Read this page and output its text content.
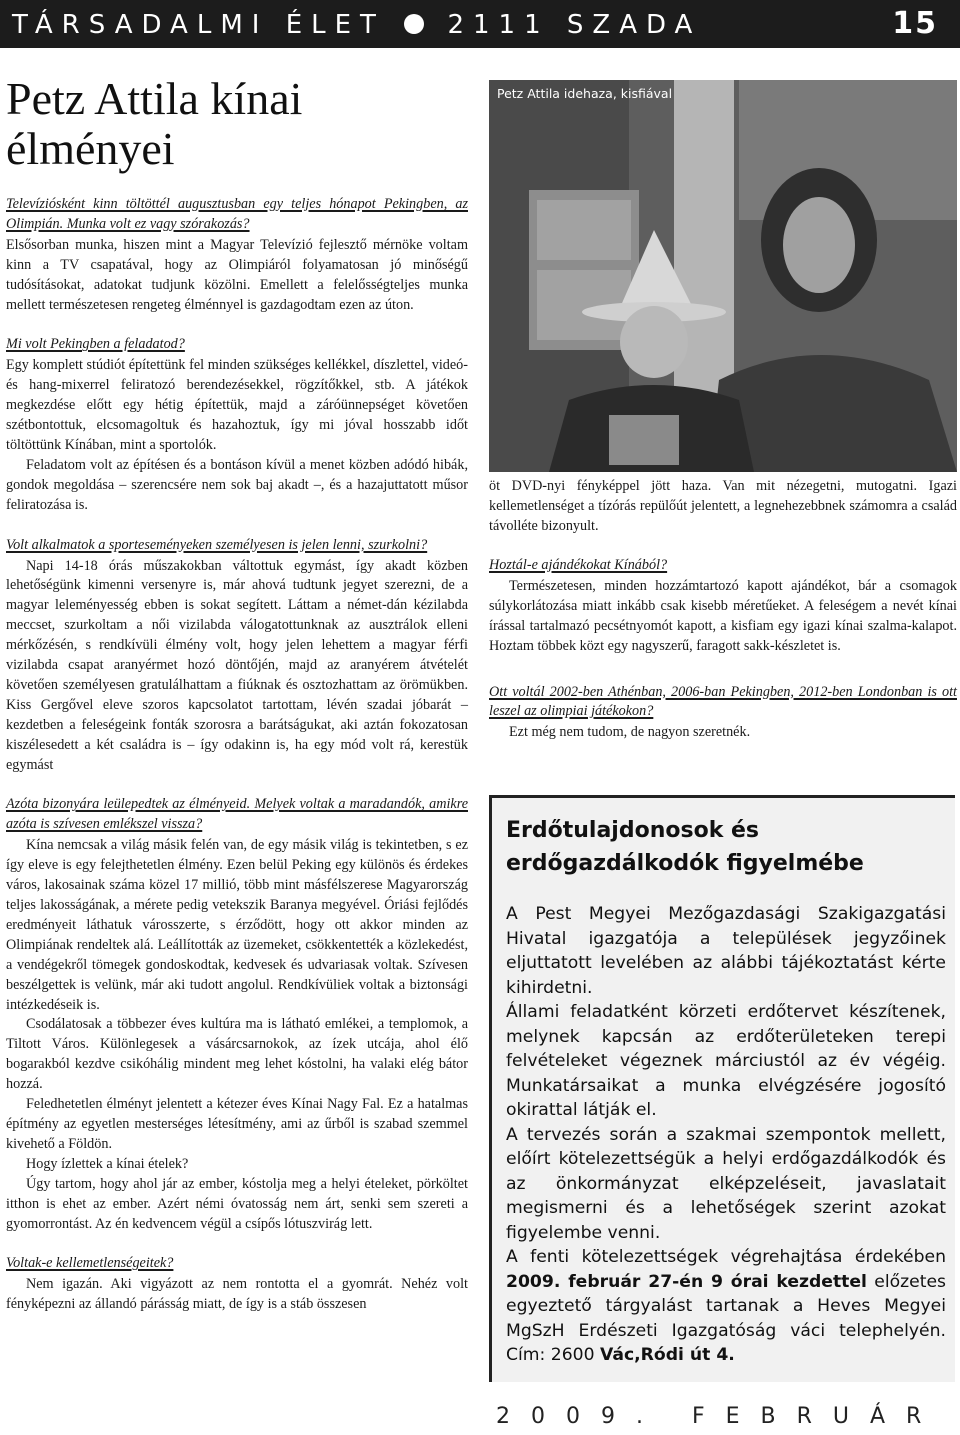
TÁRSADALMI ÉLET 2111 SZADA	15
Petz Attila kínai
élményei

Televíziósként kinn töltöttél augusztusban egy teljes hónapot Pekingben, az Olimpián. Munka volt ez vagy szórakozás?

Elsősorban munka, hiszen mint a Magyar Televízió fejlesztő mérnöke voltam kinn a TV csapatával, hogy az Olimpiáról folyamatosan jó minőségű tudósításokat, adatokat tudjunk közölni. Emellett a felelősségteljes munka mellett természetesen rengeteg élménnyel is gazdagodtam ezen az úton.

Mi volt Pekingben a feladatod?

Egy komplett stúdiót építettünk fel minden szükséges kellékkel, díszlettel, videó- és hang-mixerrel feliratozó berendezésekkel, rögzítőkkel, stb. A játékok megkezdése előtt egy hétig építettük, majd a záróünnepséget követően szétbontottuk, elcsomagoltuk és hazahoztuk, így mi jóval hosszabb időt töltöttünk Kínában, mint a sportolók.

Feladatom volt az építésen és a bontáson kívül a menet közben adódó hibák, gondok megoldása – szerencsére nem sok baj akadt –, és a hazajuttatott műsor feliratozása is.

Volt alkalmatok a sporteseményeken személyesen is jelen lenni, szurkolni?

Napi 14-18 órás műszakokban váltottuk egymást, így akadt közben lehetőségünk kimenni versenyre is, már ahová tudtunk jegyet szerezni, de a magyar leleményesség ebben is sokat segített. Láttam a német-dán kézilabda meccset, szurkoltam a női vizilabda válogatottunknak az ausztrálok elleni mérkőzésén, s rendkívüli élmény volt, hogy jelen lehettem a magyar férfi vizilabda csapat aranyérmet hozó döntőjén, majd az aranyérem átvételét követően személyesen gratulálhattam a fiúknak és osztozhattam az örömükben. Kiss Gergővel eleve szoros kapcsolatot tartottam, lévén szadai jóbarát – kezdetben a feleségeink fonták szorosra a barátságukat, aki aztán fokozatosan kiszélesedett a két családra is – így odakinn is, ha egy mód volt rá, kerestük egymást

Azóta bizonyára leülepedtek az élményeid. Melyek voltak a maradandók, amikre azóta is szívesen emlékszel vissza?

Kína nemcsak a világ másik felén van, de egy másik világ is tekintetben, s ez így eleve is egy felejthetetlen élmény. Ezen belül Peking egy különös és érdekes város, lakosainak száma közel 17 millió, több mint másfélszerese Magyarország teljes lakosságának, a mérete pedig vetekszik Baranya megyével. Óriási fejlődés eredményeit láthatuk városszerte, s érződött, hogy ott akkor minden az Olimpiának rendeltek alá. Leállították az üzemeket, csökkentették a közlekedést, a vendégekről tömegek gondoskodtak, kedvesek és udvariasak voltak. Szívesen beszélgettek is velünk, már aki tudott angolul. Rendkívüliek voltak a biztonsági intézkedéseik is.

Csodálatosak a többezer éves kultúra ma is látható emlékei, a templomok, a Tiltott Város. Különlegesek a vásárcsarnokok, az ízek utcája, ahol élő bogarakból kezdve csikóhálig mindent meg lehet kóstolni, ha valaki elég bátor hozzá.

Feledhetetlen élményt jelentett a kétezer éves Kínai Nagy Fal. Ez a hatalmas építmény az egyetlen mesterséges létesítmény, ami az űrből is szabad szemmel kivehető a Földön.

Hogy ízlettek a kínai ételek?

Úgy tartom, hogy ahol jár az ember, kóstolja meg a helyi ételeket, pörköltet itthon is ehet az ember. Azért némi óvatosság nem árt, senki sem szereti a gyomorrontást. Az én kedvencem végül a csípős lótuszvirág lett.

Voltak-e kellemetlenségeitek?

Nem igazán. Aki vigyázott az nem rontotta el a gyomrát. Nehéz volt fényképezni az állandó párásság miatt, de így is a stáb összesen

Petz Attila idehaza, kisfiával

öt DVD-nyi fényképpel jött haza. Van mit nézegetni, mutogatni. Igazi kellemetlenséget a tízórás repülőút jelentett, a legnehezebbnek számomra a család távolléte bizonyult.

Hoztál-e ajándékokat Kínából?

Természetesen, minden hozzámtartozó kapott ajándékot, bár a csomagok súlykorlátozása miatt inkább csak kisebb méretűeket. A feleségem a nevét kínai írással tartalmazó pecsétnyomót kapott, a kisfiam egy igazi kínai szalma-kalapot. Hoztam többek közt egy nagyszerű, faragott sakk-készletet is.

Ott voltál 2002-ben Athénban, 2006-ban Pekingben, 2012-ben Londonban is ott leszel az olimpiai játékokon?

Ezt még nem tudom, de nagyon szeretnék.

Erdőtulajdonosok és erdőgazdálkodók figyelmébe

A Pest Megyei Mezőgazdasági Szakigazgatási Hivatal igazgatója a települések jegyzőinek eljuttatott levelében az alábbi tájékoztatást kérte kihirdetni.

Állami feladatként körzeti erdőtervet készítenek, melynek kapcsán az erdőterületeken terepi felvételeket végeznek márciustól az év végéig. Munkatársaikat a munka elvégzésére jogosító okirattal látják el.

A tervezés során a szakmai szempontok mellett, előírt kötelezettségük a helyi erdőgazdálkodók és az önkormányzat elképzeléseit, javaslatait megismerni és a lehetőségek szerint azokat figyelembe venni.

A fenti kötelezettségek végrehajtása érdekében 2009. február 27-én 9 órai kezdettel előzetes egyeztető tárgyalást tartanak a Heves Megyei MgSzH Erdészeti Igazgatóság váci telephelyén. Cím: 2600 Vác,Ródi út 4.

2009. FEBRUÁR
